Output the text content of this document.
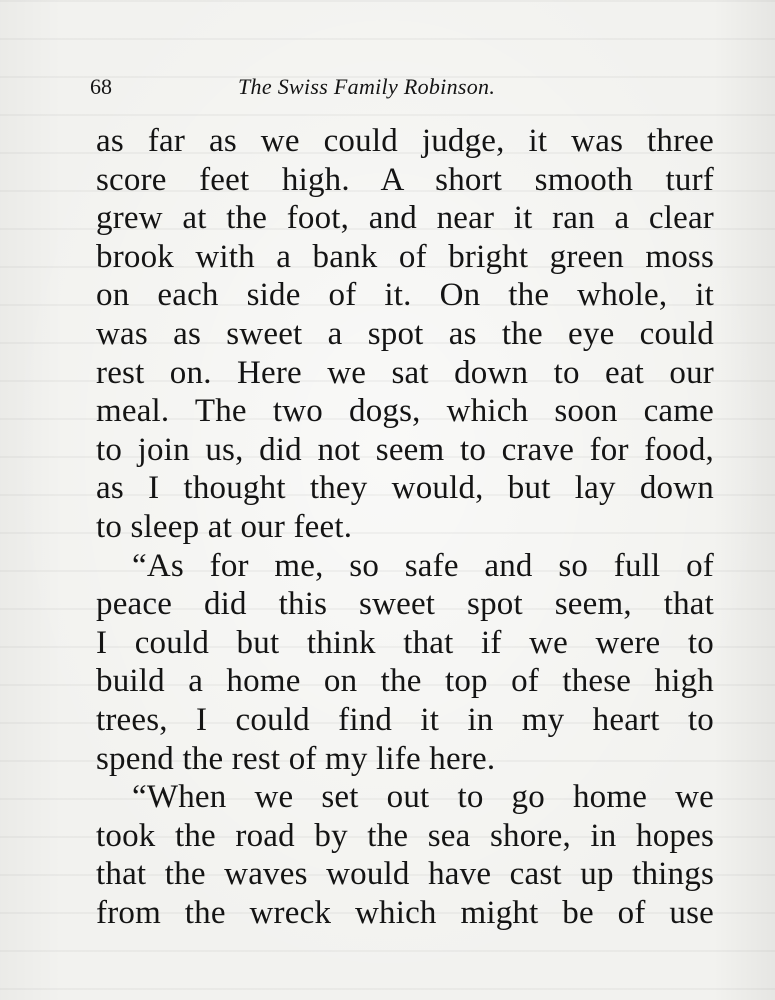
68	The Swiss Family Robinson.
as far as we could judge, it was three
score feet high. A short smooth turf
grew at the foot, and near it ran a clear
brook with a bank of bright green moss
on each side of it. On the whole, it
was as sweet a spot as the eye could
rest on. Here we sat down to eat our
meal. The two dogs, which soon came
to join us, did not seem to crave for food,
as I thought they would, but lay down
to sleep at our feet.
“As for me, so safe and so full of
peace did this sweet spot seem, that
I could but think that if we were to
build a home on the top of these high
trees, I could find it in my heart to
spend the rest of my life here.
“When we set out to go home we
took the road by the sea shore, in hopes
that the waves would have cast up things
from the wreck which might be of use
